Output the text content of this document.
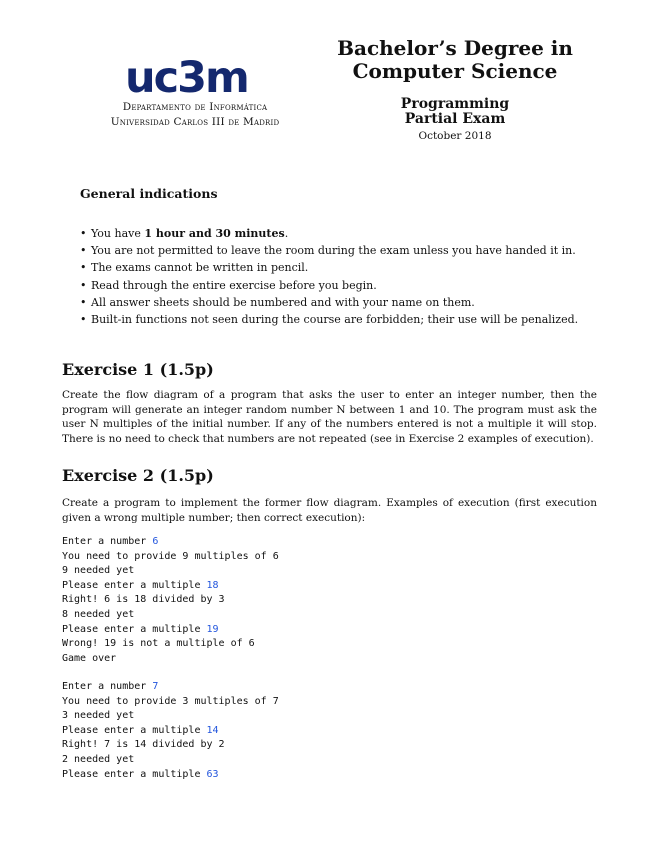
uc3m
Departamento de Informática
Universidad Carlos III de Madrid
Bachelor’s Degree in
Computer Science
Programming
Partial Exam
October 2018
General indications
• You have 1 hour and 30 minutes.
• You are not permitted to leave the room during the exam unless you have handed it in.
• The exams cannot be written in pencil.
• Read through the entire exercise before you begin.
• All answer sheets should be numbered and with your name on them.
• Built-in functions not seen during the course are forbidden; their use will be penalized.
Exercise 1 (1.5p)

Create the flow diagram of a program that asks the user to enter an integer number, then the program will generate an integer random number N between 1 and 10. The program must ask the user N multiples of the initial number. If any of the numbers entered is not a multiple it will stop. There is no need to check that numbers are not repeated (see in Exercise 2 examples of execution).

Exercise 2 (1.5p)

Create a program to implement the former flow diagram. Examples of execution (first execution given a wrong multiple number; then correct execution):

Enter a number 6
You need to provide 9 multiples of 6
9 needed yet
Please enter a multiple 18
Right! 6 is 18 divided by 3
8 needed yet
Please enter a multiple 19
Wrong! 19 is not a multiple of 6
Game over
Enter a number 7
You need to provide 3 multiples of 7
3 needed yet
Please enter a multiple 14
Right! 7 is 14 divided by 2
2 needed yet
Please enter a multiple 63
